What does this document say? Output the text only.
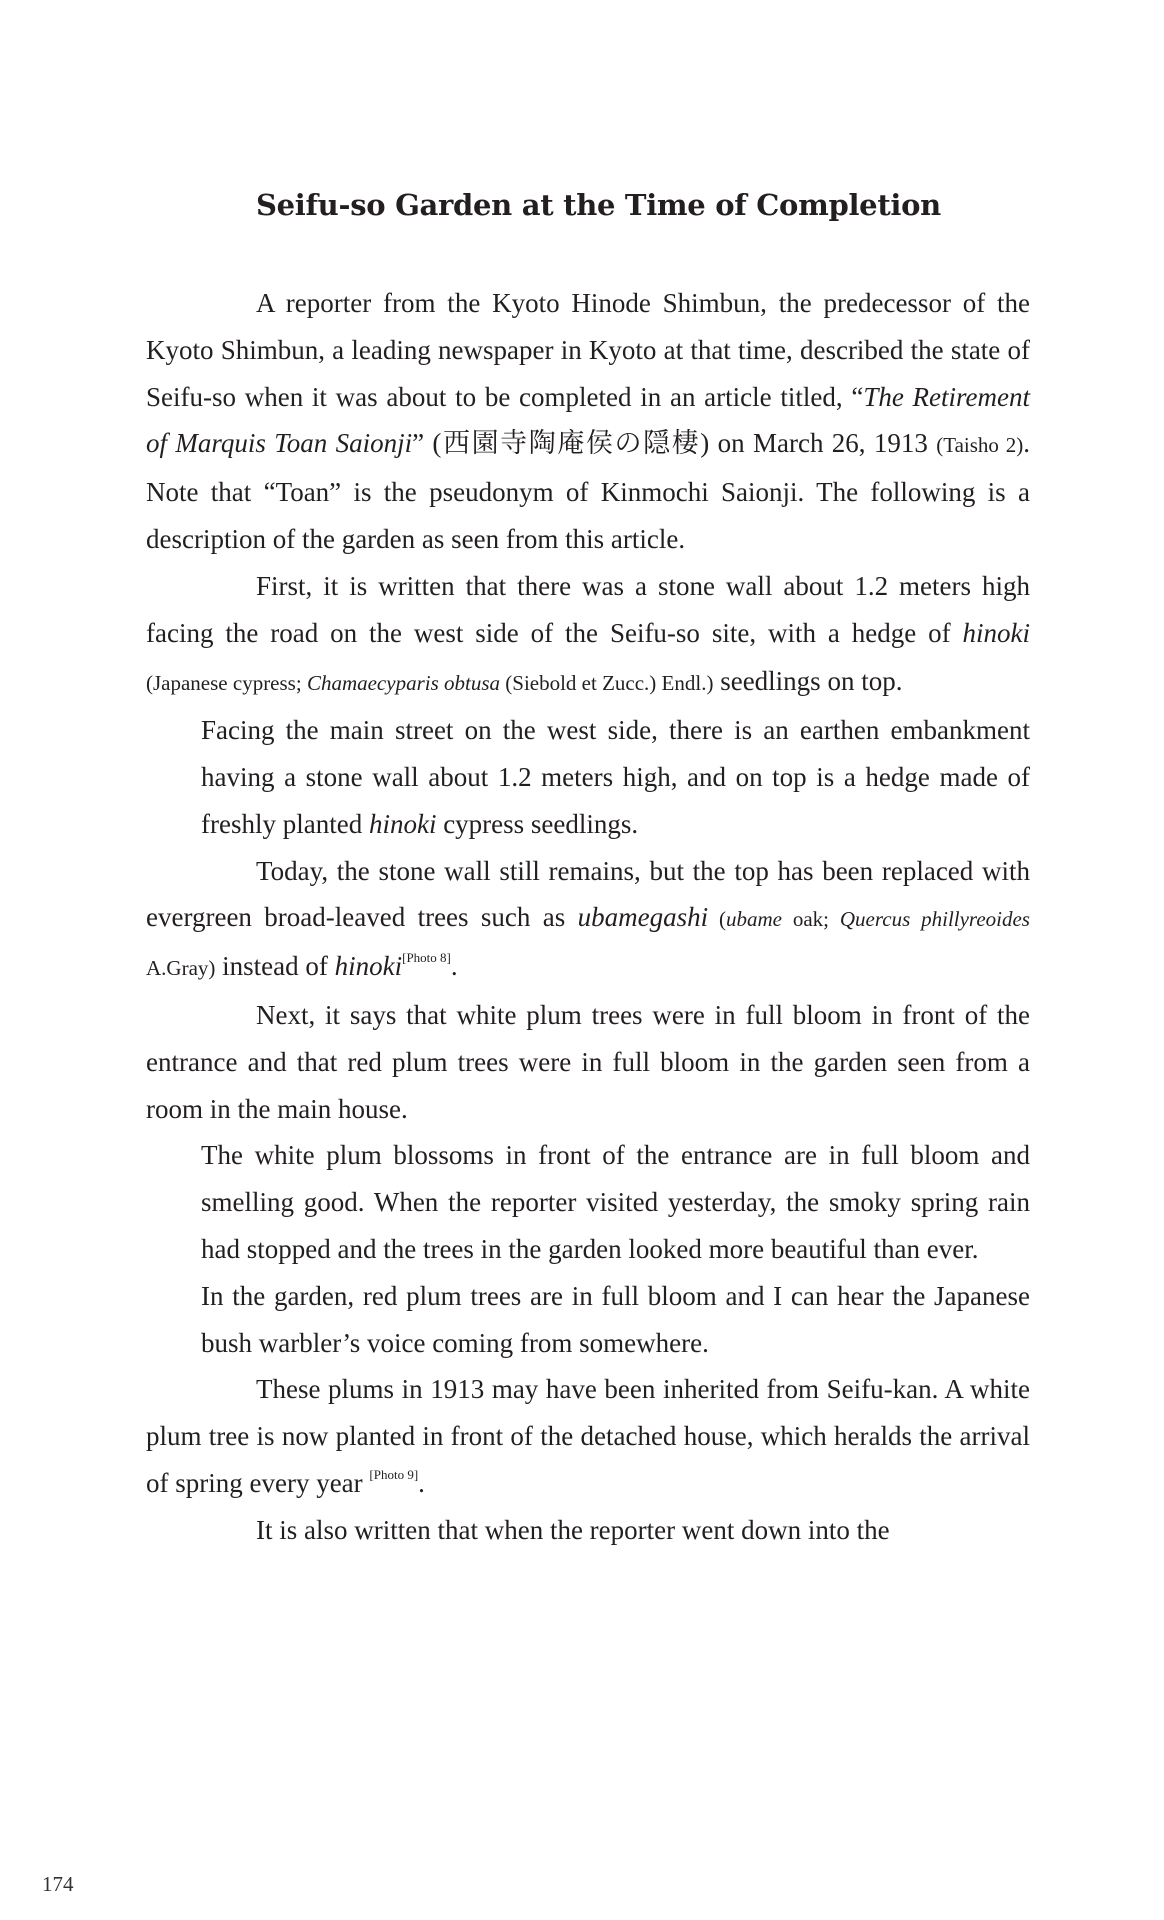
Seifu-so Garden at the Time of Completion

A reporter from the Kyoto Hinode Shimbun, the predecessor of the Kyoto Shimbun, a leading newspaper in Kyoto at that time, described the state of Seifu-so when it was about to be completed in an article titled, “The Retirement of Marquis Toan Saionji” (西園寺陶庵侯の隠棲) on March 26, 1913 (Taisho 2). Note that “Toan” is the pseudonym of Kinmochi Saionji. The following is a description of the garden as seen from this article.

First, it is written that there was a stone wall about 1.2 meters high facing the road on the west side of the Seifu-so site, with a hedge of hinoki (Japanese cypress; Chamaecyparis obtusa (Siebold et Zucc.) Endl.) seedlings on top.

Facing the main street on the west side, there is an earthen embankment having a stone wall about 1.2 meters high, and on top is a hedge made of freshly planted hinoki cypress seedlings.

Today, the stone wall still remains, but the top has been replaced with evergreen broad-leaved trees such as ubamegashi (ubame oak; Quercus phillyreoides A.Gray) instead of hinoki[Photo 8].

Next, it says that white plum trees were in full bloom in front of the entrance and that red plum trees were in full bloom in the garden seen from a room in the main house.

The white plum blossoms in front of the entrance are in full bloom and smelling good. When the reporter visited yesterday, the smoky spring rain had stopped and the trees in the garden looked more beautiful than ever.

In the garden, red plum trees are in full bloom and I can hear the Japanese bush warbler’s voice coming from somewhere.

These plums in 1913 may have been inherited from Seifu-kan. A white plum tree is now planted in front of the detached house, which heralds the arrival of spring every year [Photo 9].

It is also written that when the reporter went down into the

174
